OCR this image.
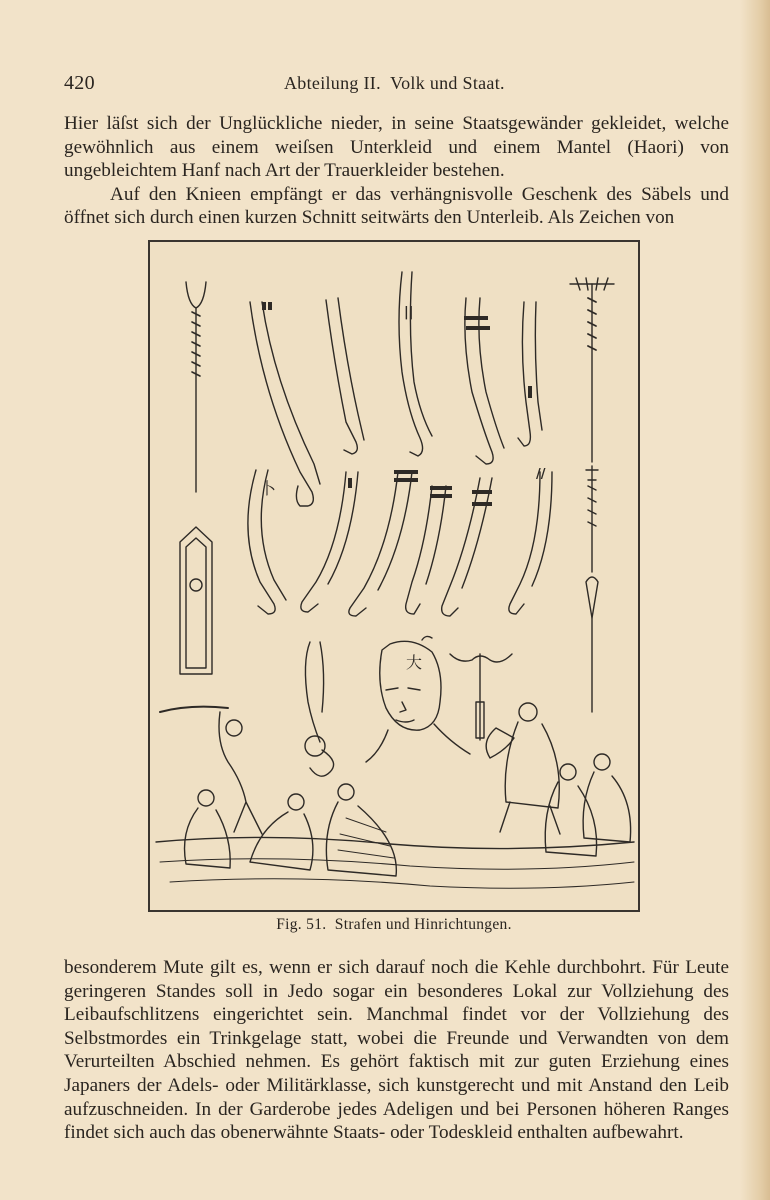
420	Abteilung II.  Volk und Staat.

Hier läſst sich der Unglückliche nieder, in seine Staatsgewänder gekleidet, welche gewöhnlich aus einem weiſsen Unterkleid und einem Mantel (Haori) von ungebleichtem Hanf nach Art der Trauerkleider bestehen.

Auf den Knieen empfängt er das verhängnisvolle Geschenk des Säbels und öffnet sich durch einen kurzen Schnitt seitwärts den Unterleib. Als Zeichen von

大
卜
||
//
Fig. 51.  Strafen und Hinrichtungen.

besonderem Mute gilt es, wenn er sich darauf noch die Kehle durchbohrt. Für Leute geringeren Standes soll in Jedo sogar ein besonderes Lokal zur Vollziehung des Leibaufschlitzens eingerichtet sein. Manchmal findet vor der Vollziehung des Selbstmordes ein Trinkgelage statt, wobei die Freunde und Verwandten von dem Verurteilten Abschied nehmen. Es gehört faktisch mit zur guten Erziehung eines Japaners der Adels- oder Militärklasse, sich kunstgerecht und mit Anstand den Leib aufzuschneiden. In der Garderobe jedes Adeligen und bei Personen höheren Ranges findet sich auch das obenerwähnte Staats- oder Todeskleid enthalten aufbewahrt.
